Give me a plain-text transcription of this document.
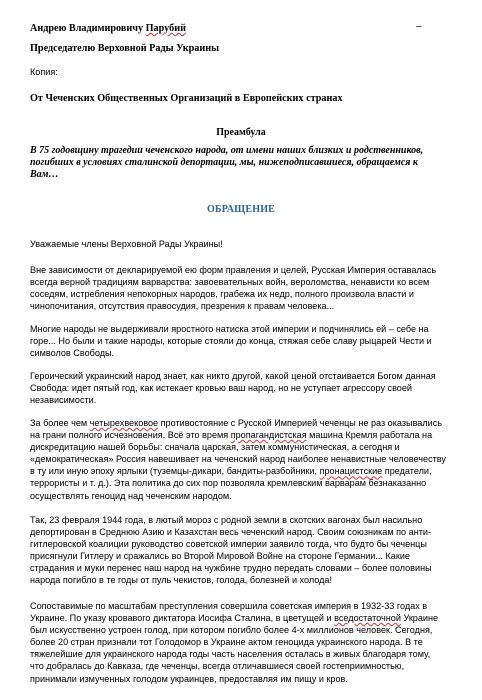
Андрею Владимировичу Парубий	–
Председателю Верховной Рады Украины
Копия:
От Чеченских Общественных Организаций в Европейских странах
Преамбула
В 75 годовщину трагедии чеченского народа, от имени наших близких и родственников,
погибших в условиях сталинской депортации, мы, нижеподписавшиеся, обращаемся к
Вам…
ОБРАЩЕНИЕ
Уважаемые члены Верховной Рады Украины!
Вне зависимости от декларируемой ею форм правления и целей, Русская Империя оставалась
всегда верной традициям варварства: завоевательных войн, вероломства, ненависти ко всем
соседям, истребления непокорных народов, грабежа их недр, полного произвола власти и
чинопочитания, отсутствия правосудия, презрения к правам человека...
Многие народы не выдерживали яростного натиска этой империи и подчинялись ей – себе на
горе... Но были и такие народы, которые стояли до конца, стяжая себе славу рыцарей Чести и
символов Свободы.
Героический украинский народ знает, как никто другой, какой ценой отстаивается Богом данная
Свобода: идет пятый год, как истекает кровью ваш народ, но не уступает агрессору своей
независимости.
За более чем четырехвековое противостояние с Русской Империей чеченцы не раз оказывались
на грани полного исчезновения. Всё это время пропагандистская машина Кремля работала на
дискредитацию нашей борьбы: сначала царская, затем коммунистическая, а сегодня и
«демократическая» Россия навешивает на чеченский народ наиболее ненавистные человечеству
в ту или иную эпоху ярлыки (туземцы-дикари, бандиты-разбойники, пронацистские предатели,
террористы и т. д.). Эта политика до сих пор позволяла кремлевским варварам безнаказанно
осуществлять геноцид над чеченским народом.
Так, 23 февраля 1944 года, в лютый мороз с родной земли в скотских вагонах был насильно
депортирован в Среднюю Азию и Казахстан весь чеченский народ. Своим союзникам по анти-
гитлеровской коалиции руководство советской империи заявило тогда, что будто бы чеченцы
присягнули Гитлеру и сражались во Второй Мировой Войне на стороне Германии... Какие
страдания и муки перенес наш народ на чужбине трудно передать словами – более половины
народа погибло в те годы от пуль чекистов, голода, болезней и холода!
Сопоставимые по масштабам преступления совершила советская империя в 1932-33 годах в
Украине. По указу кровавого диктатора Иосифа Сталина, в цветущей и вседостаточной Украине
был искусственно устроен голод, при котором погибло более 4-х миллионов человек. Сегодня,
более 20 стран признали тот Голодомор в Украине актом геноцида украинского народа. В те
тяжелейшие для украинского народа годы часть населения осталась в живых благодаря тому,
что добралась до Кавказа, где чеченцы, всегда отличавшиеся своей гостеприимностью,
принимали измученных голодом украинцев, предоставляя им пищу и кров.
